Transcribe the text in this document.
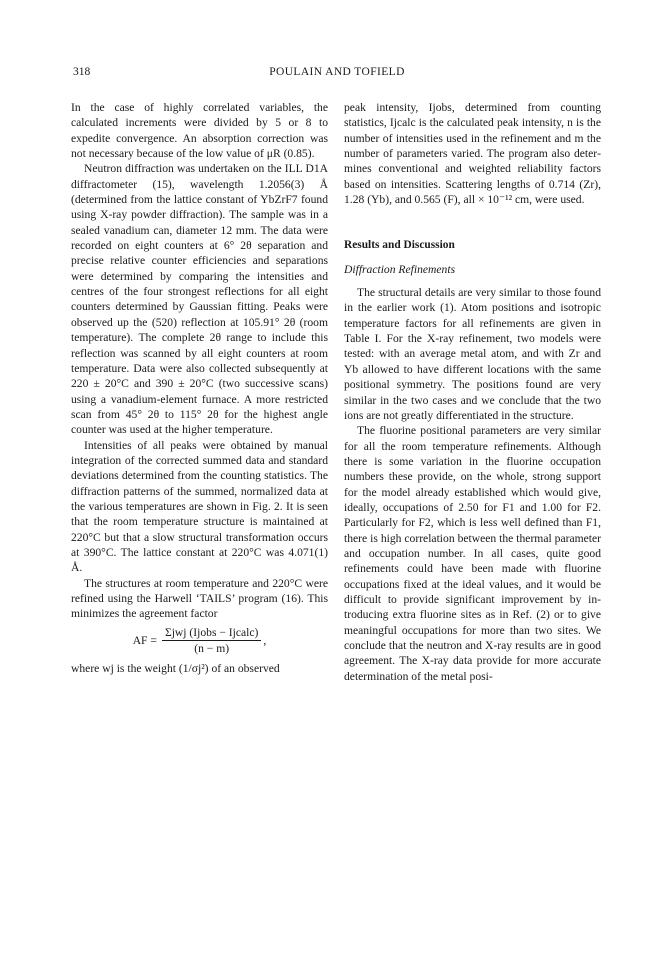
318	POULAIN AND TOFIELD

In the case of highly correlated variables, the calculated increments were divided by 5 or 8 to expedite convergence. An absorption correction was not necessary because of the low value of μR (0.85).

Neutron diffraction was undertaken on the ILL D1A diffractometer (15), wavelength 1.2056(3) Å (determined from the lattice constant of YbZrF7 found using X-ray powder diffraction). The sample was in a sealed vanadium can, diameter 12 mm. The data were recorded on eight counters at 6° 2θ separation and precise relative counter efficiencies and separations were determined by comparing the intensities and centres of the four strongest reflections for all eight counters determined by Gaussian fitting. Peaks were observed up the (520) reflection at 105.91° 2θ (room temperature). The complete 2θ range to include this reflection was scanned by all eight counters at room temperature. Data were also collected subsequently at 220 ± 20°C and 390 ± 20°C (two successive scans) using a vanadium-element furnace. A more restricted scan from 45° 2θ to 115° 2θ for the highest angle counter was used at the higher temperature.

Intensities of all peaks were obtained by manual integration of the corrected summed data and standard deviations determined from the counting statistics. The diffraction patterns of the summed, normalized data at the various temperatures are shown in Fig. 2. It is seen that the room temperature structure is maintained at 220°C but that a slow structural transformation occurs at 390°C. The lattice constant at 220°C was 4.071(1) Å.

The structures at room temperature and 220°C were refined using the Harwell ‘TAILS’ program (16). This minimizes the agreement factor

AF = $\frac{\text{Σjwj (Ijobs − Ijcalc)}}{(n - m)}$ ,

where wj is the weight (1/σj²) of an observed

peak intensity, Ijobs, determined from counting statistics, Ijcalc is the calculated peak intensity, n is the number of intensities used in the refinement and m the number of parameters varied. The program also determines conventional and weighted reliability factors based on intensities. Scattering lengths of 0.714 (Zr), 1.28 (Yb), and 0.565 (F), all × 10⁻¹² cm, were used.

Results and Discussion
Diffraction Refinements

The structural details are very similar to those found in the earlier work (1). Atom positions and isotropic temperature factors for all refinements are given in Table I. For the X-ray refinement, two models were tested: with an average metal atom, and with Zr and Yb allowed to have different locations with the same positional symmetry. The positions found are very similar in the two cases and we conclude that the two ions are not greatly differentiated in the structure.

The fluorine positional parameters are very similar for all the room temperature refinements. Although there is some variation in the fluorine occupation numbers these provide, on the whole, strong support for the model already established which would give, ideally, occupations of 2.50 for F1 and 1.00 for F2. Particularly for F2, which is less well defined than F1, there is high correlation between the thermal parameter and occupation number. In all cases, quite good refinements could have been made with fluorine occupations fixed at the ideal values, and it would be difficult to provide significant improvement by introducing extra fluorine sites as in Ref. (2) or to give meaningful occupations for more than two sites. We conclude that the neutron and X-ray results are in good agreement. The X-ray data provide for more accurate determination of the metal posi-
